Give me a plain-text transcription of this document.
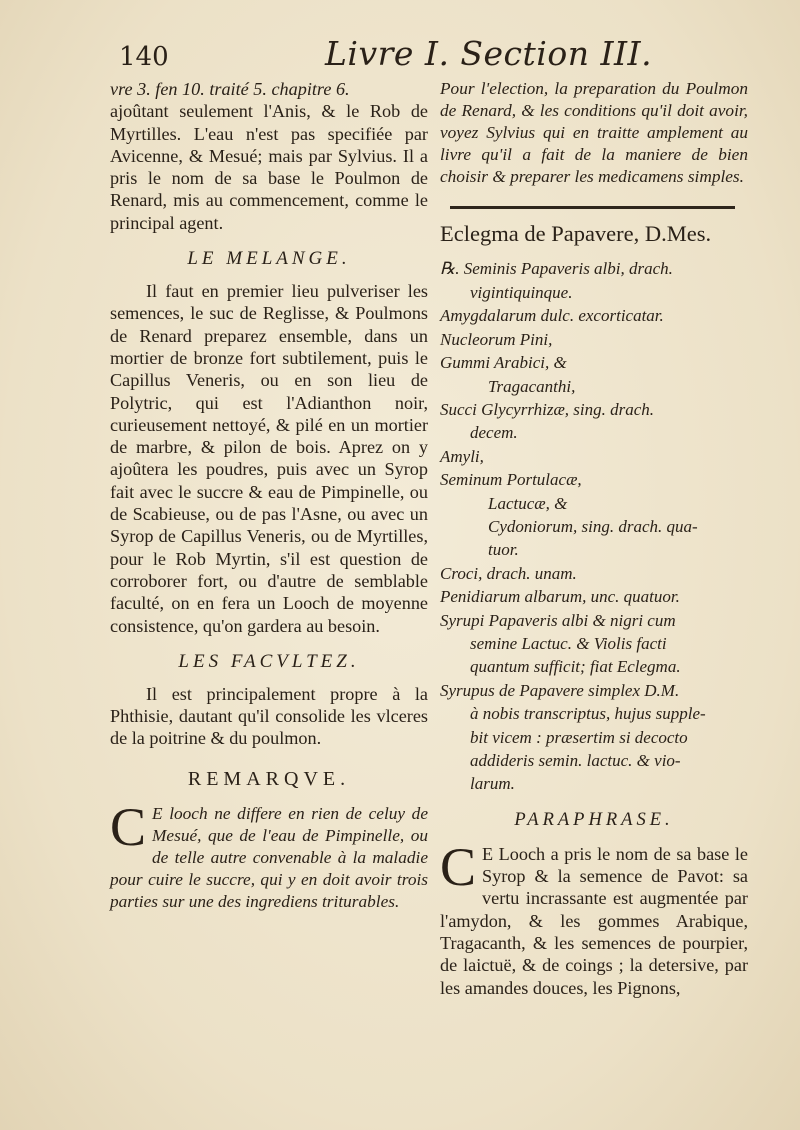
140	Livre I. Section III.

vre 3. fen 10. traité 5. chapitre 6.

ajoûtant seulement l'Anis, & le Rob de Myrtilles. L'eau n'est pas specifiée par Avicenne, & Mesué; mais par Sylvius. Il a pris le nom de sa base le Poulmon de Renard, mis au commencement, comme le principal agent.

LE MELANGE.

Il faut en premier lieu pulveriser les semences, le suc de Reglisse, & Poulmons de Renard preparez ensemble, dans un mortier de bronze fort subtilement, puis le Capillus Veneris, ou en son lieu de Polytric, qui est l'Adianthon noir, curieusement nettoyé, & pilé en un mortier de marbre, & pilon de bois. Aprez on y ajoûtera les poudres, puis avec un Syrop fait avec le succre & eau de Pimpinelle, ou de Scabieuse, ou de pas l'Asne, ou avec un Syrop de Capillus Veneris, ou de Myrtilles, pour le Rob Myrtin, s'il est question de corroborer fort, ou d'autre de semblable faculté, on en fera un Looch de moyenne consistence, qu'on gardera au besoin.

LES FACVLTEZ.

Il est principalement propre à la Phthisie, dautant qu'il consolide les vlceres de la poitrine & du poulmon.

REMARQVE.
C E looch ne differe en rien de celuy de Mesué, que de l'eau de Pimpinelle, ou de telle autre convenable à la maladie pour cuire le succre, qui y en doit avoir trois parties sur une des ingrediens triturables.

Pour l'election, la preparation du Poulmon de Renard, & les conditions qu'il doit avoir, voyez Sylvius qui en traitte amplement au livre qu'il a fait de la maniere de bien choisir & preparer les medicamens simples.

Eclegma de Papavere, D.Mes.
℞. Seminis Papaveris albi, drach.
vigintiquinque.
Amygdalarum dulc. excorticatar.
Nucleorum Pini,
Gummi Arabici, &
Tragacanthi,
Succi Glycyrrhizæ, sing. drach.
decem.
Amyli,
Seminum Portulacæ,
Lactucæ, &
Cydoniorum, sing. drach. qua-
tuor.
Croci, drach. unam.
Penidiarum albarum, unc. quatuor.
Syrupi Papaveris albi & nigri cum
semine Lactuc. & Violis facti
quantum sufficit; fiat Eclegma.
Syrupus de Papavere simplex D.M.
à nobis transcriptus, hujus supple-
bit vicem : præsertim si decocto
addideris semin. lactuc. & vio-
larum.
PARAPHRASE.
C E Looch a pris le nom de sa base le Syrop & la semence de Pavot: sa vertu incrassante est augmentée par l'amydon, & les gommes Arabique, Tragacanth, & les semences de pourpier, de laictuë, & de coings ; la detersive, par les amandes douces, les Pignons,
